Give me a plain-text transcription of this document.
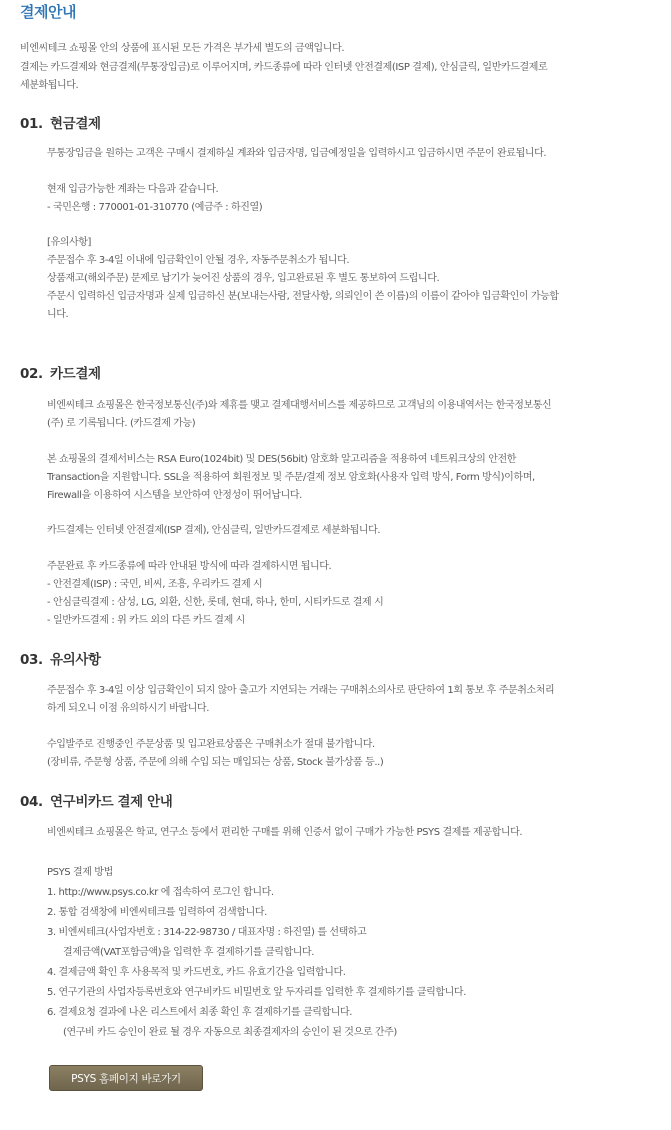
결제안내
비엔씨테크 쇼핑몰 안의 상품에 표시된 모든 가격은 부가세 별도의 금액입니다.
결제는 카드결제와 현금결제(무통장입금)로 이루어지며, 카드종류에 따라 인터넷 안전결제(ISP 결제), 안심클릭, 일반카드결제로
세분화됩니다.
01. 현금결제
무통장입금을 원하는 고객은 구매시 결제하실 계좌와 입금자명, 입금예정일을 입력하시고 입금하시면 주문이 완료됩니다.
현재 입금가능한 계좌는 다음과 같습니다.
- 국민은행 : 770001-01-310770 (예금주 : 하진열)
[유의사항]
주문접수 후 3-4일 이내에 입금확인이 안될 경우, 자동주문취소가 됩니다.
상품재고(해외주문) 문제로 납기가 늦어진 상품의 경우, 입고완료된 후 별도 통보하여 드립니다.
주문시 입력하신 입금자명과 실제 입금하신 분(보내는사람, 전달사항, 의뢰인이 쓴 이름)의 이름이 같아야 입금확인이 가능합
니다.
02. 카드결제
비엔씨테크 쇼핑몰은 한국정보통신(주)와 제휴를 맺고 결제대행서비스를 제공하므로 고객님의 이용내역서는 한국정보통신
(주) 로 기록됩니다. (카드결제 가능)
본 쇼핑몰의 결제서비스는 RSA Euro(1024bit) 및 DES(56bit) 암호화 알고리즘을 적용하여 네트워크상의 안전한
Transaction을 지원합니다. SSL을 적용하여 회원정보 및 주문/결제 정보 암호화(사용자 입력 방식, Form 방식)이하며,
Firewall을 이용하여 시스템을 보안하여 안정성이 뛰어납니다.
카드결제는 인터넷 안전결제(ISP 결제), 안심클릭, 일반카드결제로 세분화됩니다.
주문완료 후 카드종류에 따라 안내된 방식에 따라 결제하시면 됩니다.
- 안전결제(ISP) : 국민, 비씨, 조흥, 우리카드 결제 시
- 안심클릭결제 : 삼성, LG, 외환, 신한, 롯데, 현대, 하나, 한미, 시티카드로 결제 시
- 일반카드결제 : 위 카드 외의 다른 카드 결제 시
03. 유의사항
주문접수 후 3-4일 이상 입금확인이 되지 않아 출고가 지연되는 거래는 구매취소의사로 판단하여 1회 통보 후 주문취소처리
하게 되오니 이점 유의하시기 바랍니다.
수입발주로 진행중인 주문상품 및 입고완료상품은 구매취소가 절대 불가합니다.
(장비류, 주문형 상품, 주문에 의해 수입 되는 매입되는 상품, Stock 불가상품 등..)
04. 연구비카드 결제 안내
비엔씨테크 쇼핑몰은 학교, 연구소 등에서 편리한 구매를 위해 인증서 없이 구매가 가능한 PSYS 결제를 제공합니다.
PSYS 결제 방법
1. http://www.psys.co.kr 에 접속하여 로그인 합니다.
2. 통합 검색창에 비엔씨테크를 입력하여 검색합니다.
3. 비엔씨테크(사업자번호 : 314-22-98730 / 대표자명 : 하진열) 를 선택하고
결제금액(VAT포함금액)을 입력한 후 결제하기를 클릭합니다.
4. 결제금액 확인 후 사용목적 및 카드번호, 카드 유효기간을 입력합니다.
5. 연구기관의 사업자등록번호와 연구비카드 비밀번호 앞 두자리를 입력한 후 결제하기를 클릭합니다.
6. 결제요청 결과에 나온 리스트에서 최종 확인 후 결제하기를 클릭합니다.
(연구비 카드 승인이 완료 될 경우 자동으로 최종결제자의 승인이 된 것으로 간주)
PSYS 홈페이지 바로가기
